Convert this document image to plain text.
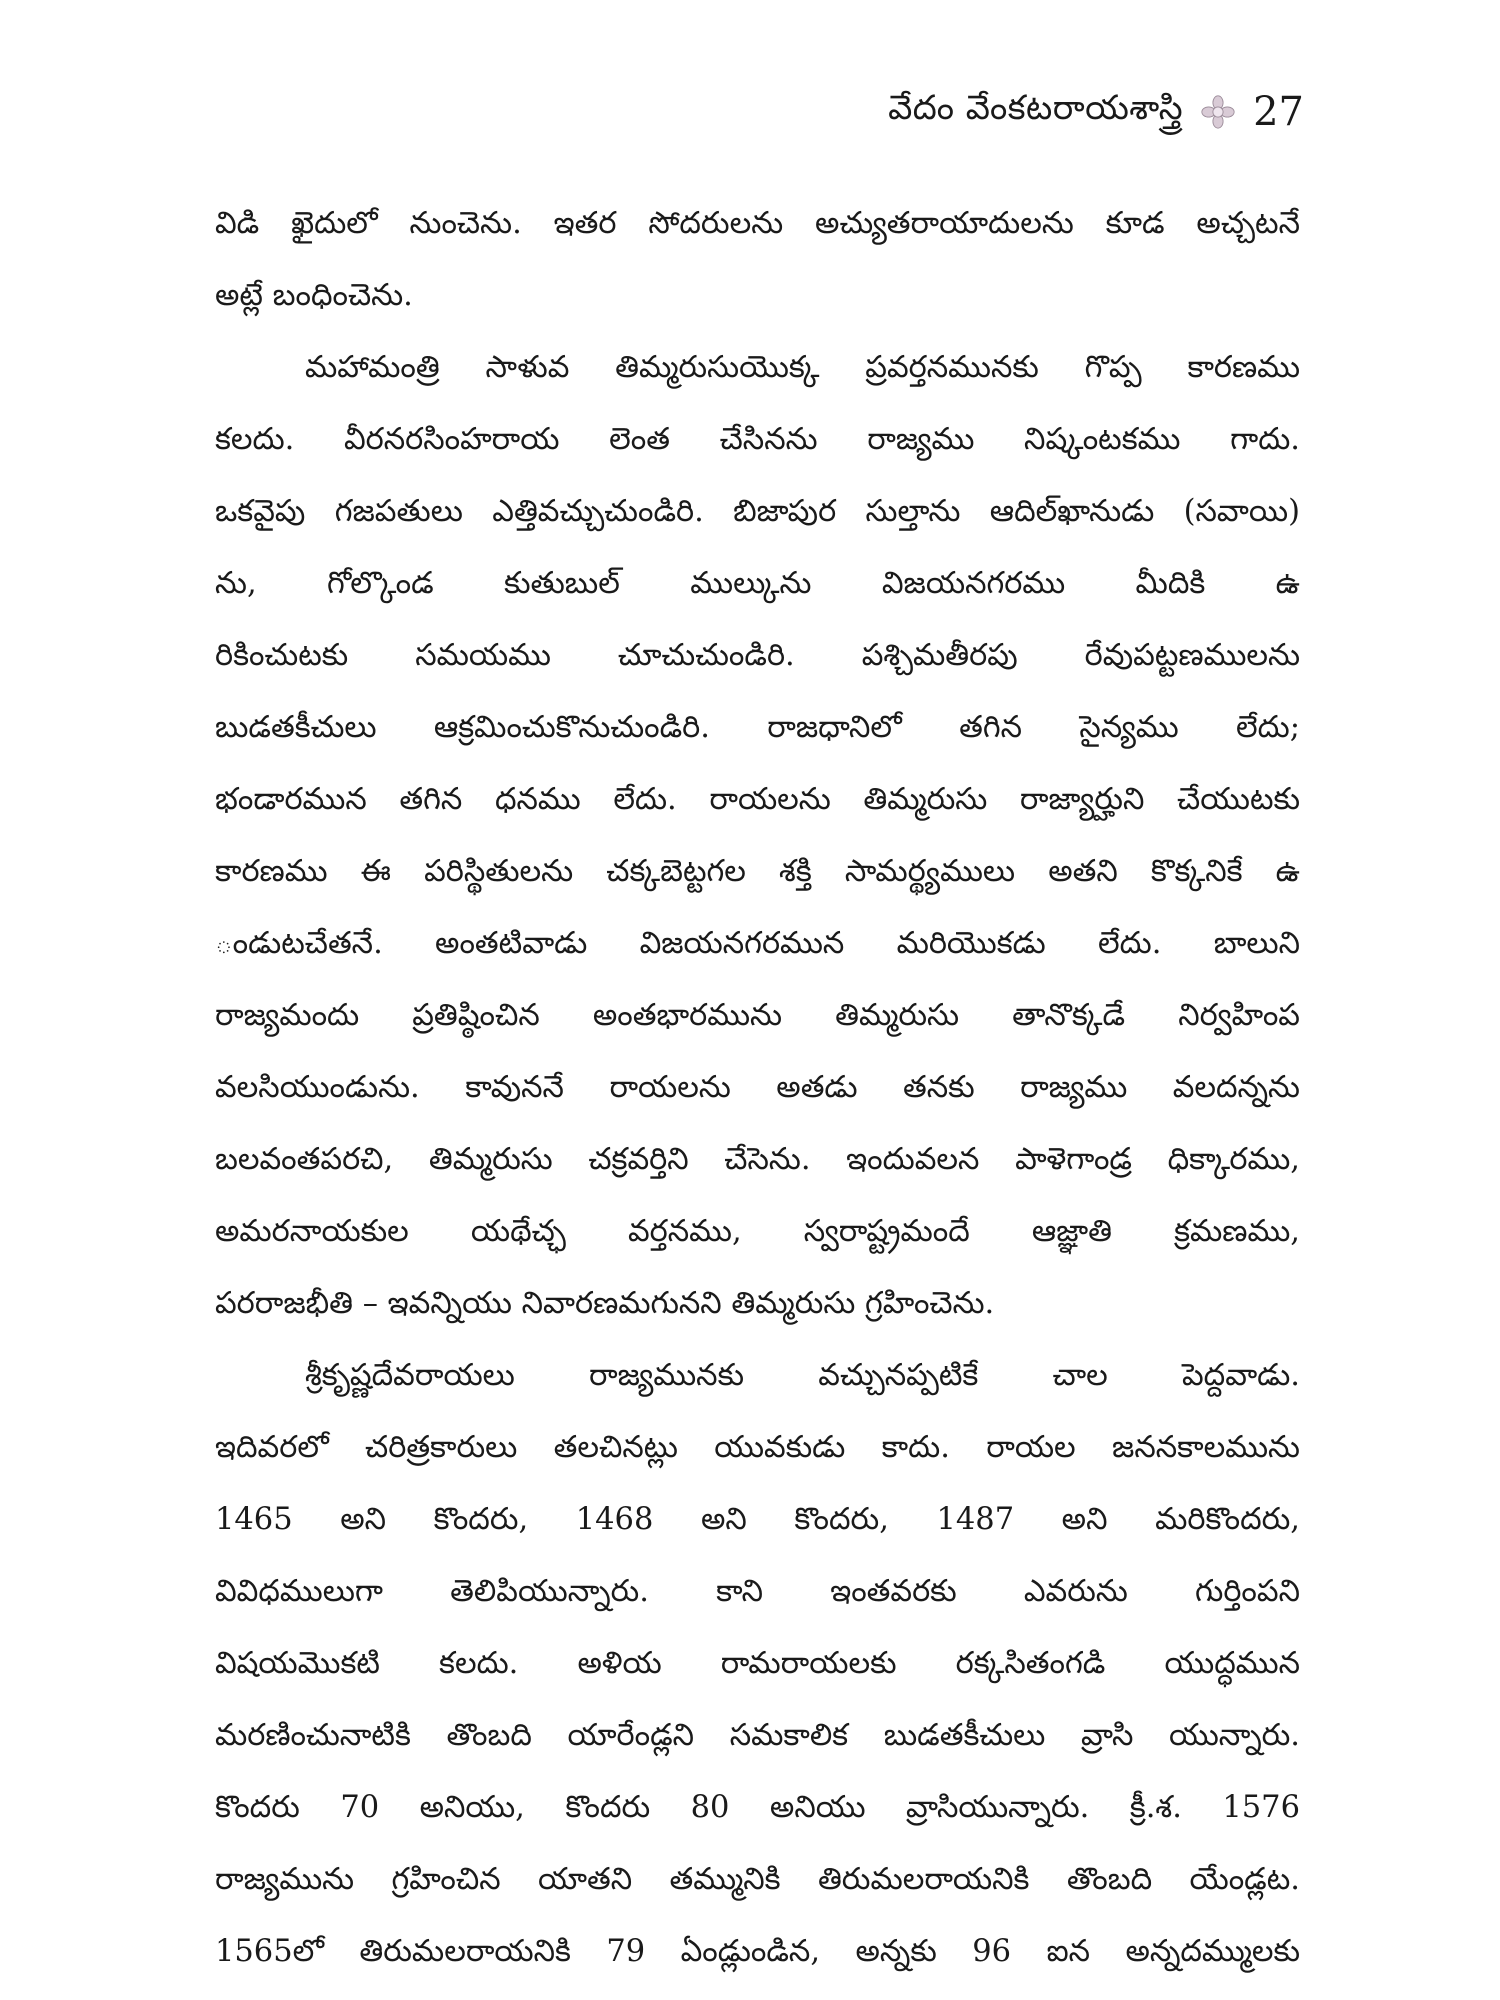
వేదం వేంకటరాయశాస్త్రి 27
విడి ఖైదులో నుంచెను. ఇతర సోదరులను అచ్యుతరాయాదులను కూడ అచ్చటనే
అట్లే బంధించెను.
మహామంత్రి సాళువ తిమ్మరుసుయొక్క ప్రవర్తనమునకు గొప్ప కారణము
కలదు. వీరనరసింహరాయ లెంత చేసినను రాజ్యము నిష్కంటకము గాదు.
ఒకవైపు గజపతులు ఎత్తివచ్చుచుండిరి. బిజాపుర సుల్తాను ఆదిల్‌ఖానుడు (సవాయి)
ను, గోల్కొండ కుతుబుల్ ముల్కును విజయనగరము మీదికి ఉ
రికించుటకు సమయము చూచుచుండిరి. పశ్చిమతీరపు రేవుపట్టణములను
బుడతకీచులు ఆక్రమించుకొనుచుండిరి. రాజధానిలో తగిన సైన్యము లేదు;
భండారమున తగిన ధనము లేదు. రాయలను తిమ్మరుసు రాజ్యార్హుని చేయుటకు
కారణము ఈ పరిస్థితులను చక్కబెట్టగల శక్తి సామర్థ్యములు అతని కొక్కనికే ఉ
ండుటచేతనే. అంతటివాడు విజయనగరమున మరియొకడు లేదు. బాలుని
రాజ్యమందు ప్రతిష్ఠించిన అంతభారమును తిమ్మరుసు తానొక్కడే నిర్వహింప
వలసియుండును. కావుననే రాయలను అతడు తనకు రాజ్యము వలదన్నను
బలవంతపరచి, తిమ్మరుసు చక్రవర్తిని చేసెను. ఇందువలన పాళెగాండ్ర ధిక్కారము,
అమరనాయకుల యథేచ్ఛ వర్తనము, స్వరాష్ట్రమందే ఆజ్ఞాతి క్రమణము,
పరరాజభీతి – ఇవన్నియు నివారణమగునని తిమ్మరుసు గ్రహించెను.
శ్రీకృష్ణదేవరాయలు రాజ్యమునకు వచ్చునప్పటికే చాల పెద్దవాడు.
ఇదివరలో చరిత్రకారులు తలచినట్లు యువకుడు కాదు. రాయల జననకాలమును
1465 అని కొందరు, 1468 అని కొందరు, 1487 అని మరికొందరు,
వివిధములుగా తెలిపియున్నారు. కాని ఇంతవరకు ఎవరును గుర్తింపని
విషయమొకటి కలదు. అళియ రామరాయలకు రక్కసితంగడి యుద్ధమున
మరణించునాటికి తొంబది యారేండ్లని సమకాలిక బుడతకీచులు వ్రాసి యున్నారు.
కొందరు 70 అనియు, కొందరు 80 అనియు వ్రాసియున్నారు. క్రీ.శ. 1576
రాజ్యమును గ్రహించిన యాతని తమ్మునికి తిరుమలరాయనికి తొంబది యేండ్లట.
1565లో తిరుమలరాయనికి 79 ఏండ్లుండిన, అన్నకు 96 ఐన అన్నదమ్ములకు
